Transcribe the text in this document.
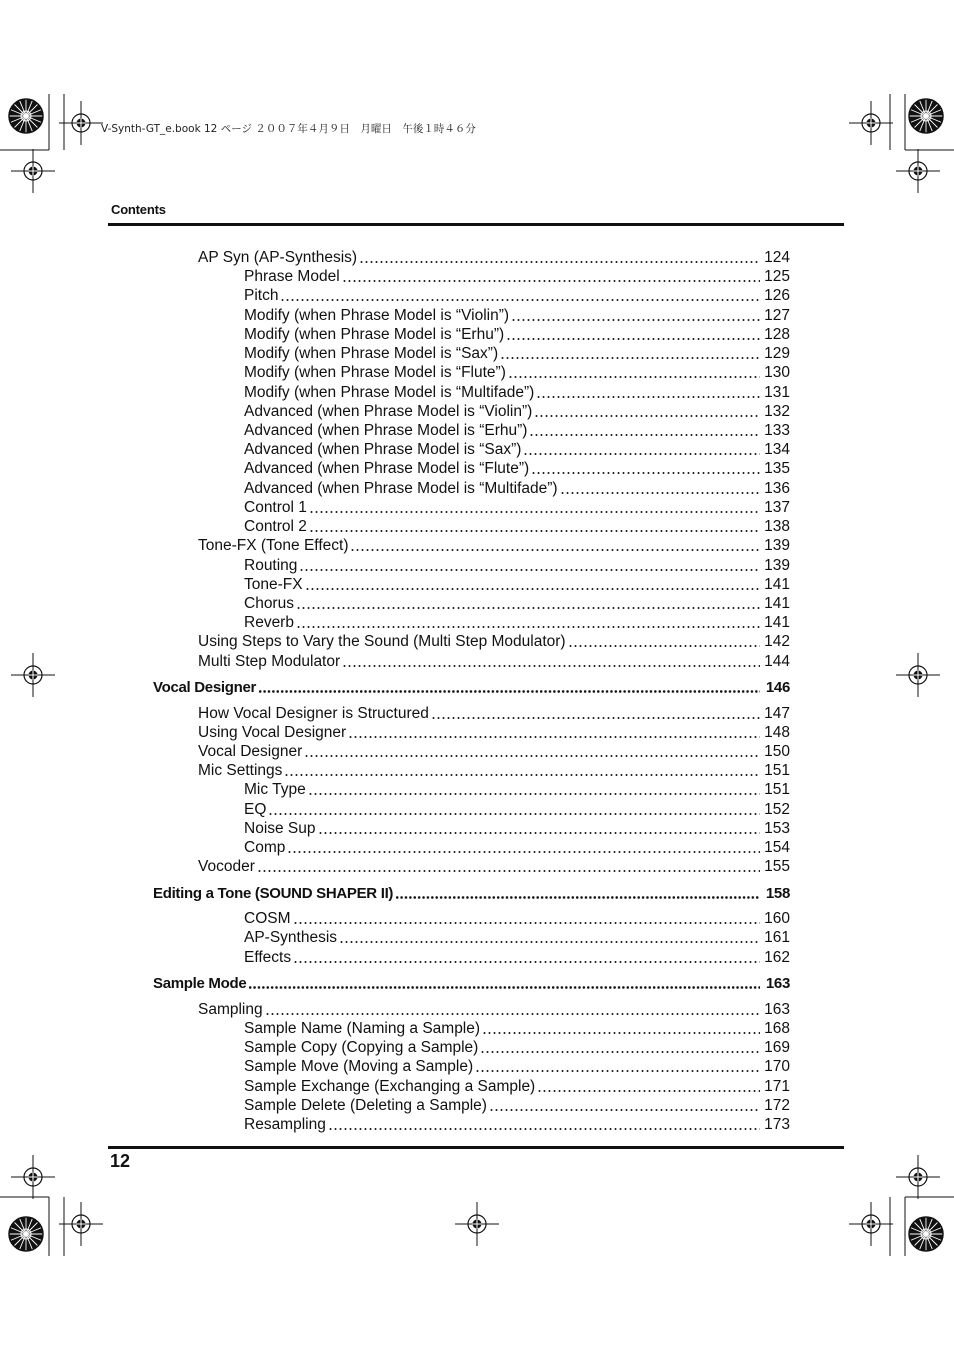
V-Synth-GT_e.book 12 ページ ２００７年４月９日　月曜日　午後１時４６分
Contents
AP Syn (AP-Synthesis)	124
Phrase Model	125
Pitch	126
Modify (when Phrase Model is “Violin”)	127
Modify (when Phrase Model is “Erhu”)	128
Modify (when Phrase Model is “Sax”)	129
Modify (when Phrase Model is “Flute”)	130
Modify (when Phrase Model is “Multifade”)	131
Advanced (when Phrase Model is “Violin”)	132
Advanced (when Phrase Model is “Erhu”)	133
Advanced (when Phrase Model is “Sax”)	134
Advanced (when Phrase Model is “Flute”)	135
Advanced (when Phrase Model is “Multifade”)	136
Control 1	137
Control 2	138
Tone-FX (Tone Effect)	139
Routing	139
Tone-FX	141
Chorus	141
Reverb	141
Using Steps to Vary the Sound (Multi Step Modulator)	142
Multi Step Modulator	144
Vocal Designer	146
How Vocal Designer is Structured	147
Using Vocal Designer	148
Vocal Designer	150
Mic Settings	151
Mic Type	151
EQ	152
Noise Sup	153
Comp	154
Vocoder	155
Editing a Tone (SOUND SHAPER II)	158
COSM	160
AP-Synthesis	161
Effects	162
Sample Mode	163
Sampling	163
Sample Name (Naming a Sample)	168
Sample Copy (Copying a Sample)	169
Sample Move (Moving a Sample)	170
Sample Exchange (Exchanging a Sample)	171
Sample Delete (Deleting a Sample)	172
Resampling	173
12
